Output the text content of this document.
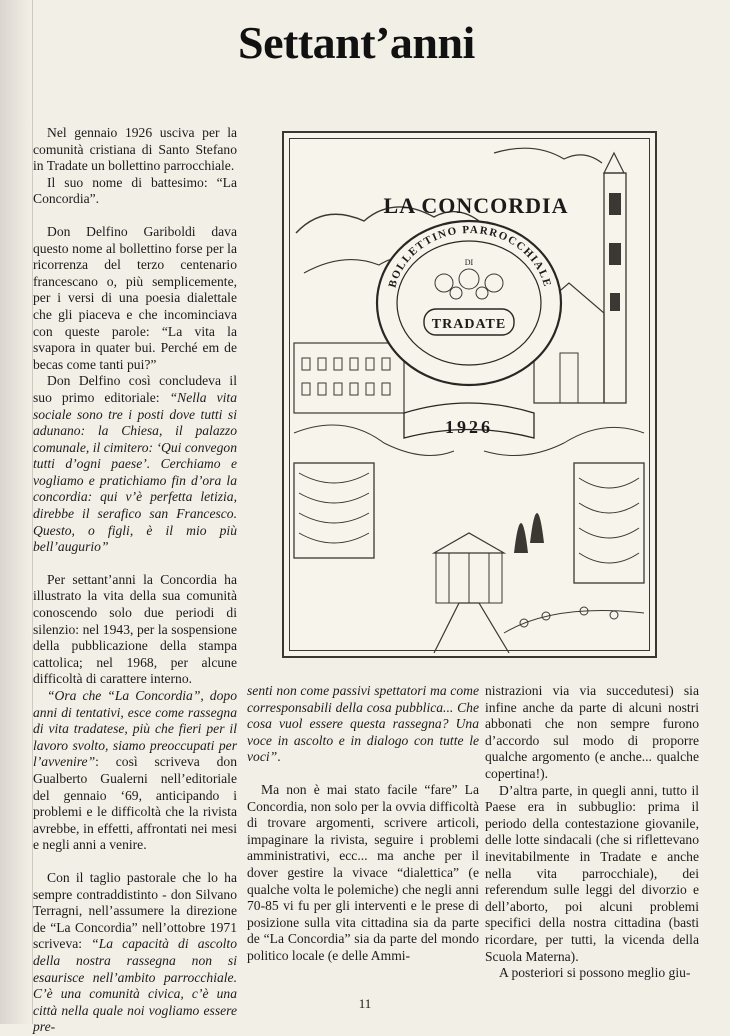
Settant’anni

Nel gennaio 1926 usciva per la comunità cristiana di Santo Stefano in Tradate un bollettino parrocchiale.

Il suo nome di battesimo: “La Concordia”.

Don Delfino Gariboldi dava questo nome al bollettino forse per la ricorrenza del terzo centenario francescano o, più semplicemente, per i versi di una poesia dialettale che gli piaceva e che incominciava con queste parole: “La vita la svapora in quater bui. Perché em de becas come tanti pui?”

Don Delfino così concludeva il suo primo editoriale: “Nella vita sociale sono tre i posti dove tutti si adunano: la Chiesa, il palazzo comunale, il cimitero: ‘Qui convegon tutti d’ogni paese’. Cerchiamo e vogliamo e pratichiamo fin d’ora la concordia: qui v’è perfetta letizia, direbbe il serafico san Francesco. Questo, o figli, è il mio più bell’augurio”

Per settant’anni la Concordia ha illustrato la vita della sua comunità conoscendo solo due periodi di silenzio: nel 1943, per la sospensione della pubblicazione della stampa cattolica; nel 1968, per alcune difficoltà di carattere interno.

“Ora che “La Concordia”, dopo anni di tentativi, esce come rassegna di vita tradatese, più che fieri per il lavoro svolto, siamo preoccupati per l’avvenire”: così scriveva don Gualberto Gualerni nell’editoriale del gennaio ‘69, anticipando i problemi e le difficoltà che la rivista avrebbe, in effetti, affrontati nei mesi e negli anni a venire.

Con il taglio pastorale che lo ha sempre contraddistinto - don Silvano Terragni, nell’assumere la direzione de “La Concordia” nell’ottobre 1971 scriveva: “La capacità di ascolto della nostra rassegna non si esaurisce nell’ambito parrocchiale. C’è una comunità civica, c’è una città nella quale noi vogliamo essere pre-

LA CONCORDIA
BOLLETTINO PARROCCHIALE
DI
TRADATE
1926

senti non come passivi spettatori ma come corresponsabili della cosa pubblica... Che cosa vuol essere questa rassegna? Una voce in ascolto e in dialogo con tutte le voci”.

Ma non è mai stato facile “fare” La Concordia, non solo per la ovvia difficoltà di trovare argomenti, scrivere articoli, impaginare la rivista, seguire i problemi amministrativi, ecc... ma anche per il dover gestire la vivace “dialettica” (e qualche volta le polemiche) che negli anni 70-85 vi fu per gli interventi e le prese di posizione sulla vita cittadina sia da parte de “La Concordia” sia da parte del mondo politico locale (e delle Ammi-

nistrazioni via via succedutesi) sia infine anche da parte di alcuni nostri abbonati che non sempre furono d’accordo sul modo di proporre qualche argomento (e anche... qualche copertina!).

D’altra parte, in quegli anni, tutto il Paese era in subbuglio: prima il periodo della contestazione giovanile, delle lotte sindacali (che si riflettevano inevitabilmente in Tradate e anche nella vita parrocchiale), dei referendum sulle leggi del divorzio e dell’aborto, poi alcuni problemi specifici della nostra cittadina (basti ricordare, per tutti, la vicenda della Scuola Materna).

A posteriori si possono meglio giu-

11
